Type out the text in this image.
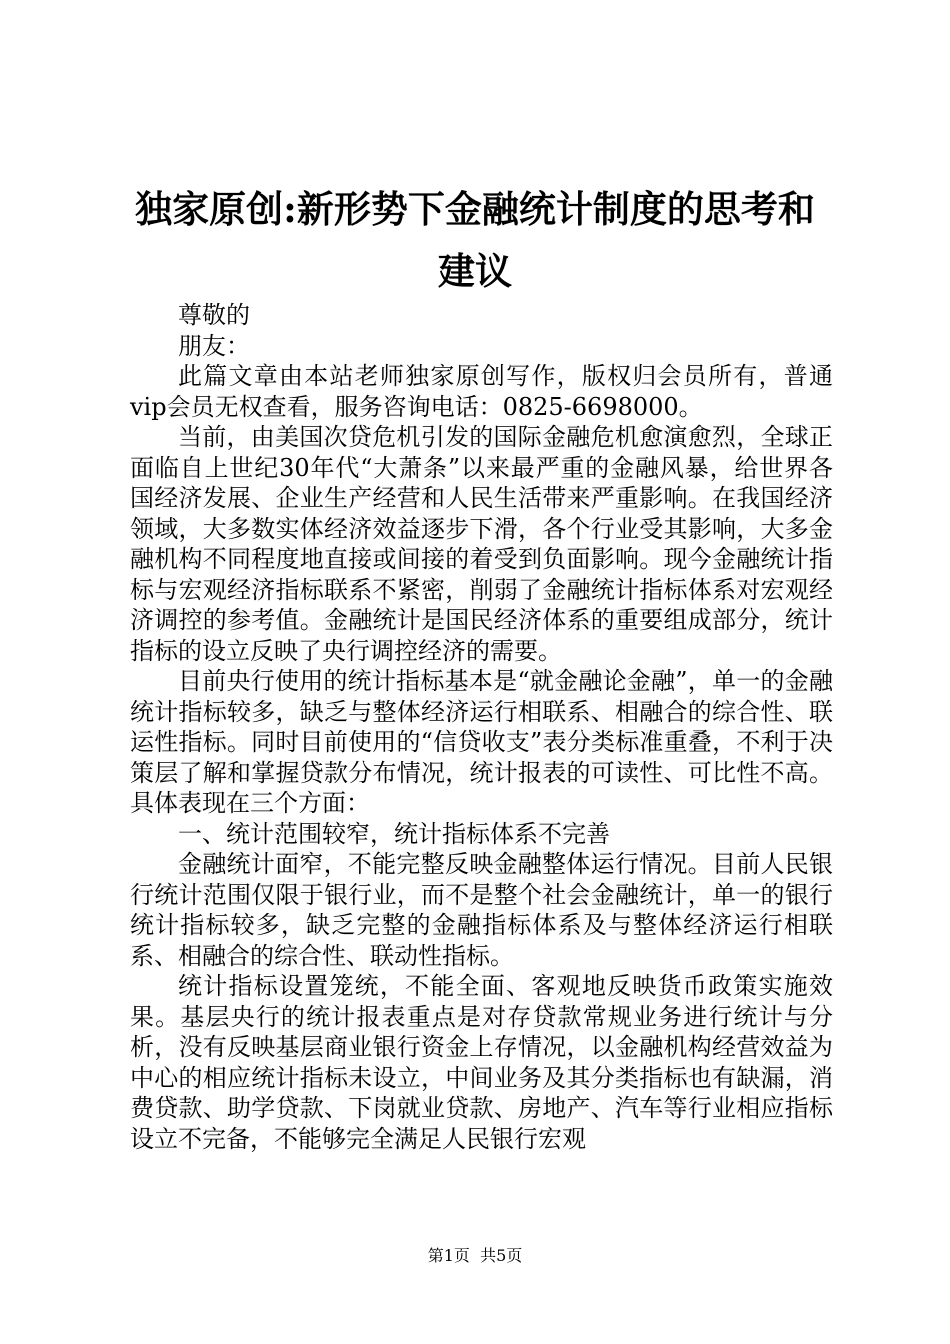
独家原创:新形势下金融统计制度的思考和建议

尊敬的

朋友：

此篇文章由本站老师独家原创写作，版权归会员所有，普通vip会员无权查看，服务咨询电话：0825-6698000。

当前，由美国次贷危机引发的国际金融危机愈演愈烈，全球正面临自上世纪30年代“大萧条”以来最严重的金融风暴，给世界各国经济发展、企业生产经营和人民生活带来严重影响。在我国经济领域，大多数实体经济效益逐步下滑，各个行业受其影响，大多金融机构不同程度地直接或间接的着受到负面影响。现今金融统计指标与宏观经济指标联系不紧密，削弱了金融统计指标体系对宏观经济调控的参考值。金融统计是国民经济体系的重要组成部分，统计指标的设立反映了央行调控经济的需要。

目前央行使用的统计指标基本是“就金融论金融”，单一的金融统计指标较多，缺乏与整体经济运行相联系、相融合的综合性、联运性指标。同时目前使用的“信贷收支”表分类标准重叠，不利于决策层了解和掌握贷款分布情况，统计报表的可读性、可比性不高。具体表现在三个方面：

一、统计范围较窄，统计指标体系不完善

金融统计面窄，不能完整反映金融整体运行情况。目前人民银行统计范围仅限于银行业，而不是整个社会金融统计，单一的银行统计指标较多，缺乏完整的金融指标体系及与整体经济运行相联系、相融合的综合性、联动性指标。

统计指标设置笼统，不能全面、客观地反映货币政策实施效果。基层央行的统计报表重点是对存贷款常规业务进行统计与分析，没有反映基层商业银行资金上存情况，以金融机构经营效益为中心的相应统计指标未设立，中间业务及其分类指标也有缺漏，消费贷款、助学贷款、下岗就业贷款、房地产、汽车等行业相应指标设立不完备，不能够完全满足人民银行宏观

第1页 共5页
